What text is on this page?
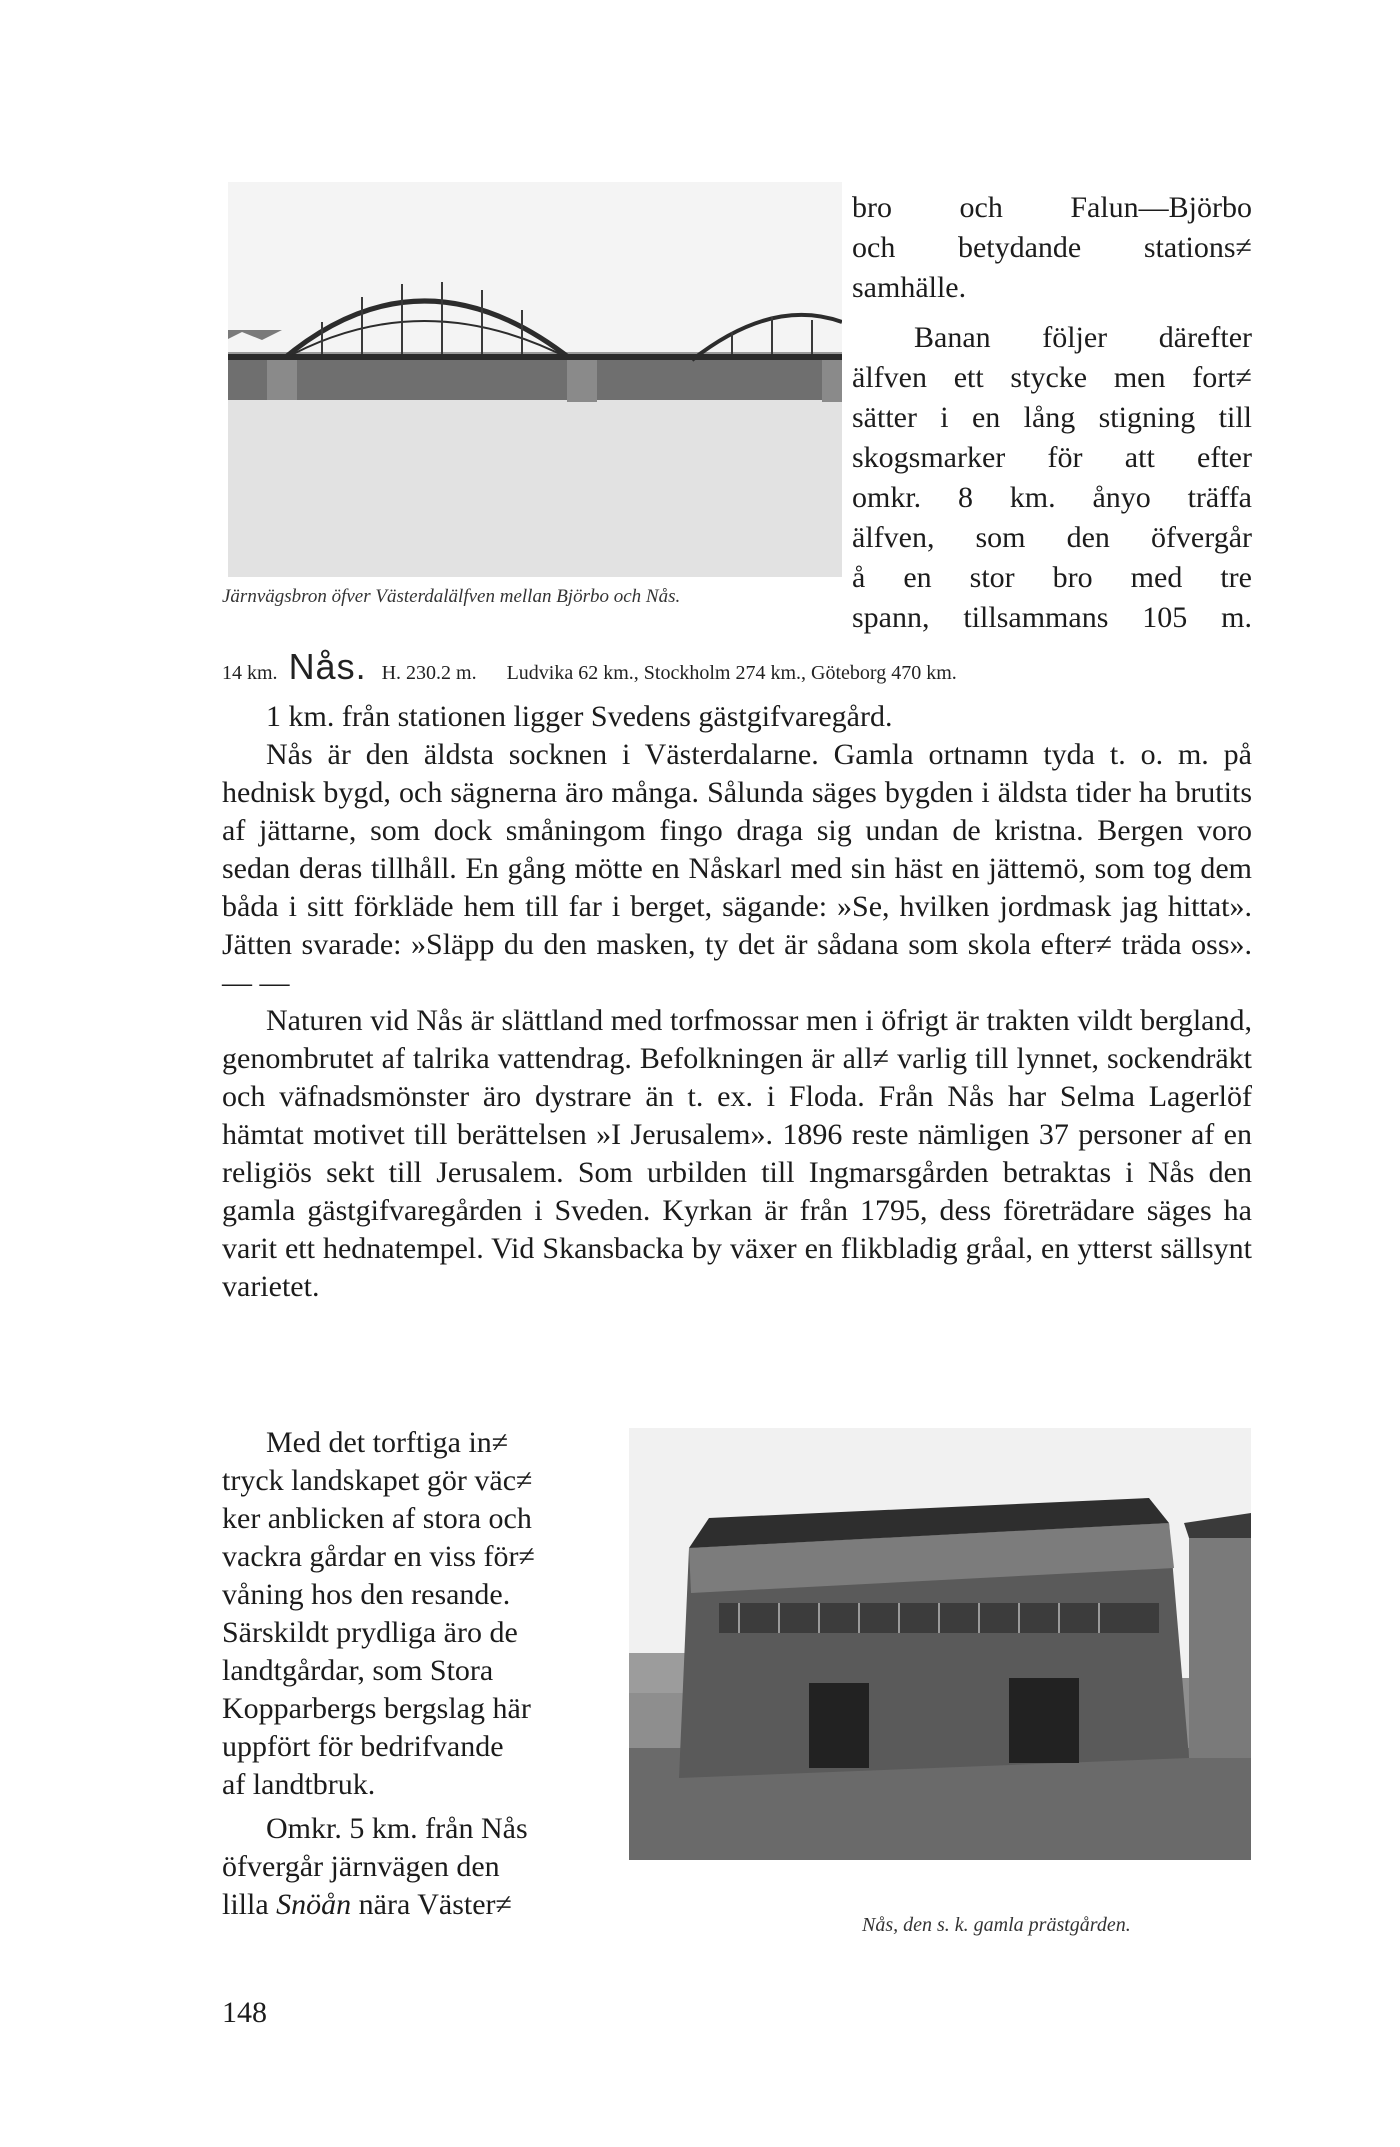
Järnvägsbron öfver Västerdalälfven mellan Björbo och Nås.

bro och Falun—Björbo

och betydande stations≠

samhälle.

Banan följer därefter

älfven ett stycke men fort≠

sätter i en lång stigning till

skogsmarker för att efter

omkr. 8 km. ånyo träffa

älfven, som den öfvergår

å en stor bro med tre

spann, tillsammans 105 m.

14 km. Nås. H. 230.2 m. Ludvika 62 km., Stockholm 274 km., Göteborg 470 km.

1 km. från stationen ligger Svedens gästgifvaregård.

Nås är den äldsta socknen i Västerdalarne. Gamla ortnamn tyda t. o. m. på hednisk bygd, och sägnerna äro många. Sålunda säges bygden i äldsta tider ha brutits af jättarne, som dock småningom fingo draga sig undan de kristna. Bergen voro sedan deras tillhåll. En gång mötte en Nåskarl med sin häst en jättemö, som tog dem båda i sitt förkläde hem till far i berget, sägande: »Se, hvilken jordmask jag hittat». Jätten svarade: »Släpp du den masken, ty det är sådana som skola efter≠ träda oss». — —

Naturen vid Nås är slättland med torfmossar men i öfrigt är trakten vildt bergland, genombrutet af talrika vattendrag. Befolkningen är all≠ varlig till lynnet, sockendräkt och väfnadsmönster äro dystrare än t. ex. i Floda. Från Nås har Selma Lagerlöf hämtat motivet till berättelsen »I Jerusalem». 1896 reste nämligen 37 personer af en religiös sekt till Jerusalem. Som urbilden till Ingmarsgården betraktas i Nås den gamla gästgifvaregården i Sveden. Kyrkan är från 1795, dess företrädare säges ha varit ett hednatempel. Vid Skansbacka by växer en flikbladig gråal, en ytterst sällsynt varietet.

Med det torftiga in≠

tryck landskapet gör väc≠

ker anblicken af stora och

vackra gårdar en viss för≠

våning hos den resande.

Särskildt prydliga äro de

landtgårdar, som Stora

Kopparbergs bergslag här

uppfört för bedrifvande

af landtbruk.

Omkr. 5 km. från Nås

öfvergår järnvägen den

lilla Snöån nära Väster≠

Nås, den s. k. gamla prästgården.
148
